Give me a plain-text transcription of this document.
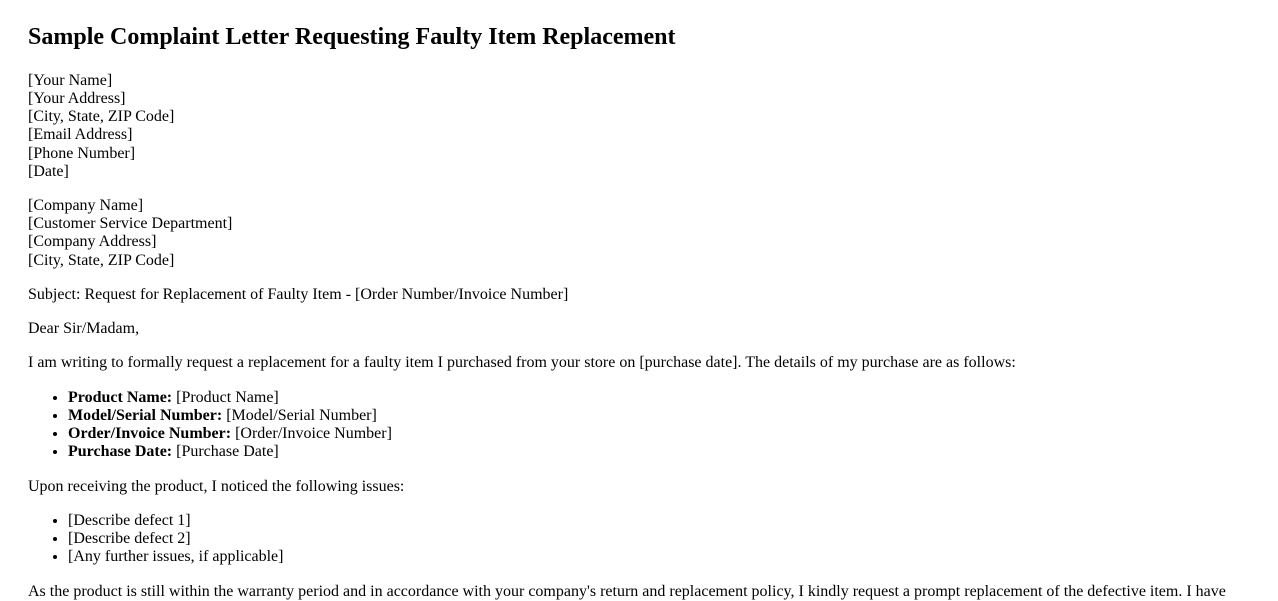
Sample Complaint Letter Requesting Faulty Item Replacement

[Your Name]
[Your Address]
[City, State, ZIP Code]
[Email Address]
[Phone Number]
[Date]

[Company Name]
[Customer Service Department]
[Company Address]
[City, State, ZIP Code]

Subject: Request for Replacement of Faulty Item - [Order Number/Invoice Number]

Dear Sir/Madam,

I am writing to formally request a replacement for a faulty item I purchased from your store on [purchase date]. The details of my purchase are as follows:

• Product Name: [Product Name]
• Model/Serial Number: [Model/Serial Number]
• Order/Invoice Number: [Order/Invoice Number]
• Purchase Date: [Purchase Date]

Upon receiving the product, I noticed the following issues:

• [Describe defect 1]
• [Describe defect 2]
• [Any further issues, if applicable]

As the product is still within the warranty period and in accordance with your company's return and replacement policy, I kindly request a prompt replacement of the defective item. I have
